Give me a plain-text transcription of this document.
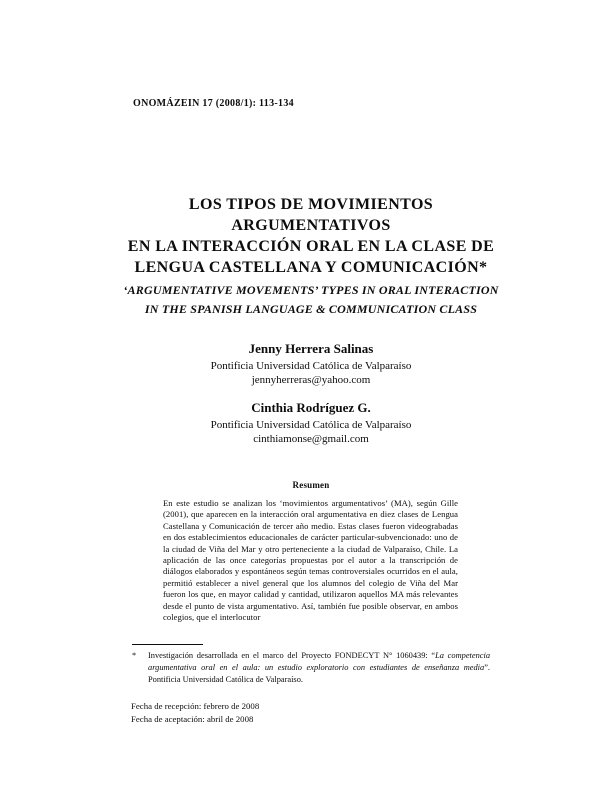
ONOMÁZEIN 17 (2008/1): 113-134
LOS TIPOS DE MOVIMIENTOS ARGUMENTATIVOS
EN LA INTERACCIÓN ORAL EN LA CLASE DE
LENGUA CASTELLANA Y COMUNICACIÓN*
‘ARGUMENTATIVE MOVEMENTS’ TYPES IN ORAL INTERACTION
IN THE SPANISH LANGUAGE & COMMUNICATION CLASS
Jenny Herrera Salinas
Pontificia Universidad Católica de Valparaíso
jennyherreras@yahoo.com
Cinthia Rodríguez G.
Pontificia Universidad Católica de Valparaíso
cinthiamonse@gmail.com
Resumen
En este estudio se analizan los ‘movimientos argumentativos’ (MA), según Gille (2001), que aparecen en la interacción oral argumentativa en diez clases de Lengua Castellana y Comunicación de tercer año medio. Estas clases fueron videograbadas en dos establecimientos educacionales de carácter particular-subvencionado: uno de la ciudad de Viña del Mar y otro perteneciente a la ciudad de Valparaíso, Chile. La aplicación de las once categorías propuestas por el autor a la transcripción de diálogos elaborados y espontáneos según temas controversiales ocurridos en el aula, permitió establecer a nivel general que los alumnos del colegio de Viña del Mar fueron los que, en mayor calidad y cantidad, utilizaron aquellos MA más relevantes desde el punto de vista argumentativo. Así, también fue posible observar, en ambos colegios, que el interlocutor
* Investigación desarrollada en el marco del Proyecto FONDECYT N° 1060439: “La competencia argumentativa oral en el aula: un estudio exploratorio con estudiantes de enseñanza media”. Pontificia Universidad Católica de Valparaíso.
Fecha de recepción: febrero de 2008
Fecha de aceptación: abril de 2008
